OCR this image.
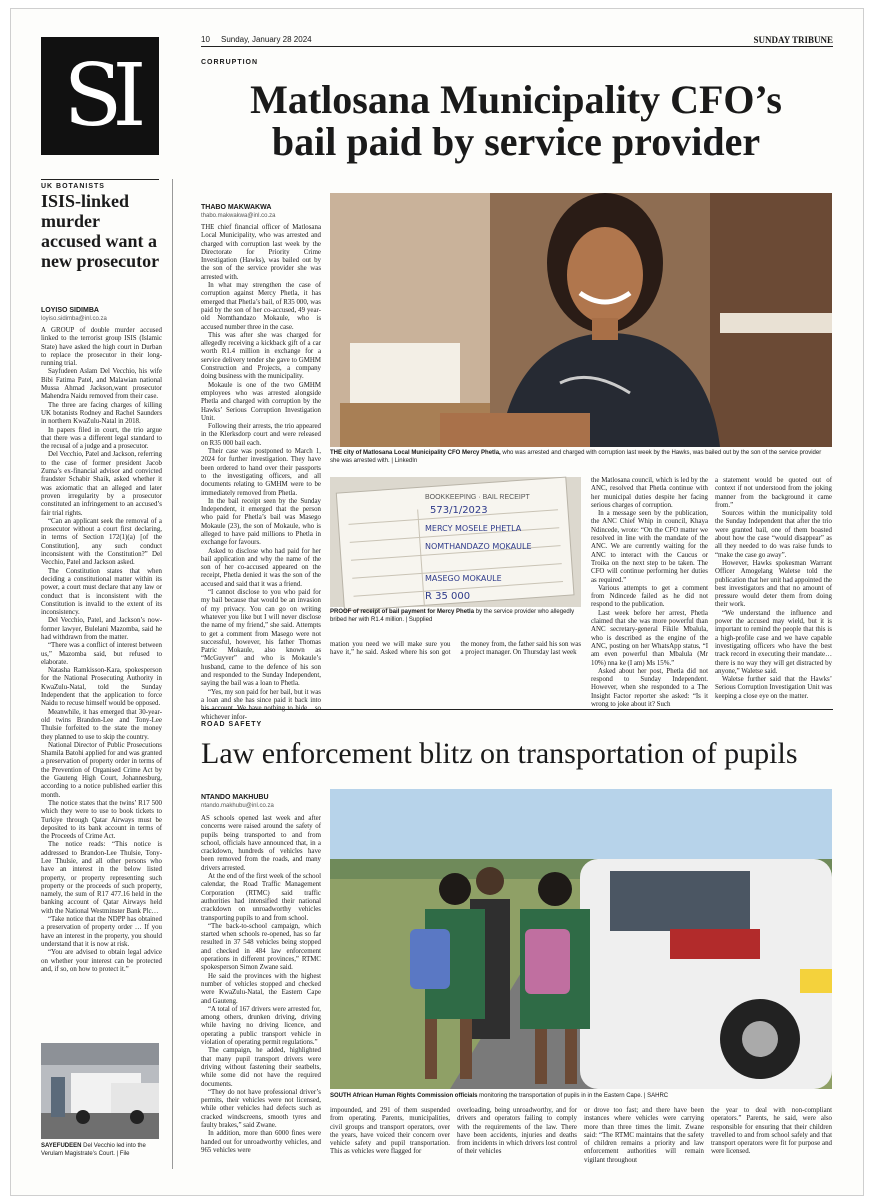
SI
10 Sunday, January 28 2024	SUNDAY TRIBUNE
CORRUPTION
Matlosana Municipality CFO’s
bail paid by service provider
UK BOTANISTS
ISIS-linked murder accused want a new prosecutor
LOYISO SIDIMBA
loyiso.sidimba@inl.co.za

A GROUP of double murder accused linked to the terrorist group ISIS (Islamic State) have asked the high court in Durban to replace the prosecutor in their long-running trial.

Sayfudeen Aslam Del Vecchio, his wife Bibi Fatima Patel, and Malawian national Mussa Ahmad Jackson,want prosecutor Mahendra Naidu removed from their case.

The three are facing charges of killing UK botanists Rodney and Rachel Saunders in northern KwaZulu-Natal in 2018.

In papers filed in court, the trio argue that there was a different legal standard to the recusal of a judge and a prosecutor.

Del Vecchio, Patel and Jackson, referring to the case of former president Jacob Zuma’s ex-financial advisor and convicted fraudster Schabir Shaik, asked whether it was axiomatic that an alleged and later proven irregularity by a prosecutor constituted an infringement to an accused’s fair trial rights.

“Can an applicant seek the removal of a prosecutor without a court first declaring, in terms of Section 172(1)(a) [of the Constitution], any such conduct inconsistent with the Constitution?” Del Vecchio, Patel and Jackson asked.

The Constitution states that when deciding a constitutional matter within its power, a court must declare that any law or conduct that is inconsistent with the Constitution is invalid to the extent of its inconsistency.

Del Vecchio, Patel, and Jackson’s now-former lawyer, Bulelani Mazomba, said he had withdrawn from the matter.

“There was a conflict of interest between us,” Mazomba said, but refused to elaborate.

Natasha Ramkisson-Kara, spokesperson for the National Prosecuting Authority in KwaZulu-Natal, told the Sunday Independent that the application to force Naidu to recuse himself would be opposed.

Meanwhile, it has emerged that 30-year-old twins Brandon-Lee and Tony-Lee Thulsie forfeited to the state the money they planned to use to skip the country.

National Director of Public Prosecutions Shamila Batohi applied for and was granted a preservation of property order in terms of the Prevention of Organised Crime Act by the Gauteng High Court, Johannesburg, according to a notice published earlier this month.

The notice states that the twins’ R17 500 which they were to use to book tickets to Turkiye through Qatar Airways must be deposited to its bank account in terms of the Proceeds of Crime Act.

The notice reads: “This notice is addressed to Brandon-Lee Thulsie, Tony-Lee Thulsie, and all other persons who have an interest in the below listed property, or property representing such property or the proceeds of such property, namely, the sum of R17 477.16 held in the banking account of Qatar Airways held with the National Westminster Bank Plc…

“Take notice that the NDPP has obtained a preservation of property order … If you have an interest in the property, you should understand that it is now at risk.

“You are advised to obtain legal advice on whether your interest can be protected and, if so, on how to protect it.”

SAYEFUDEEN Del Vecchio led into the Verulam Magistrate’s Court. | File
THABO MAKWAKWA
thabo.makwakwa@inl.co.za

THE chief financial officer of Matlosana Local Municipality, who was arrested and charged with corruption last week by the Directorate for Priority Crime Investigation (Hawks), was bailed out by the son of the service provider she was arrested with.

In what may strengthen the case of corruption against Mercy Phetla, it has emerged that Phetla’s bail, of R35 000, was paid by the son of her co-accused, 49 year-old Nomthandazo Mokaule, who is accused number three in the case.

This was after she was charged for allegedly receiving a kickback gift of a car worth R1.4 million in exchange for a service delivery tender she gave to GMHM Construction and Projects, a company doing business with the municipality.

Mokaule is one of the two GMHM employees who was arrested alongside Phetla and charged with corruption by the Hawks’ Serious Corruption Investigation Unit.

Following their arrests, the trio appeared in the Klerksdorp court and were released on R35 000 bail each.

Their case was postponed to March 1, 2024 for further investigation. They have been ordered to hand over their passports to the investigating officers, and all documents relating to GMHM were to be immediately removed from Phetla.

In the bail receipt seen by the Sunday Independent, it emerged that the person who paid for Phetla’s bail was Masego Mokaule (23), the son of Mokaule, who is alleged to have paid millions to Phetla in exchange for favours.

Asked to disclose who had paid for her bail application and why the name of the son of her co-accused appeared on the receipt, Phetla denied it was the son of the accused and said that it was a friend.

“I cannot disclose to you who paid for my bail because that would be an invasion of my privacy. You can go on writing whatever you like but I will never disclose the name of my friend,” she said. Attempts to get a comment from Masego were not successful, however, his father Thomas Patric Mokaule, also known as “McGuyver” and who is Mokaule’s husband, came to the defence of his son and responded to the Sunday Independent, saying the bail was a loan to Phetla.

“Yes, my son paid for her bail, but it was a loan and she has since paid it back into whichever infor-

THE city of Matlosana Local Municipality CFO Mercy Phetla, who was arrested and charged with corruption last week by the Hawks, was bailed out by the son of the service provider she was arrested with. | LinkedIn
BOOKKEEPING · BAIL RECEIPT
573/1/2023
MERCY MOSELE PHETLA
NOMTHANDAZO MOKAULE
MASEGO MOKAULE
R 35 000
PROOF of receipt of bail payment for Mercy Phetla by the service provider who allegedly bribed her with R1.4 million. | Supplied
mation you need we will make sure you have it,” he said. Asked where his son got the money from, the father said his son was a project manager. On Thursday last week

the Matlosana council, which is led by the ANC, resolved that Phetla continue with her municipal duties despite her facing serious charges of corruption.

In a message seen by the publication, the ANC Chief Whip in council, Khaya Ndincede, wrote: “On the CFO matter we resolved in line with the mandate of the ANC. We are currently waiting for the ANC to interact with the Caucus or Troika on the next step to be taken. The CFO will continue performing her duties as required.”

Various attempts to get a comment from Ndincede failed as he did not respond to the publication.

Last week before her arrest, Phetla claimed that she was more powerful than ANC secretary-general Fikile Mbalula, who is described as the engine of the ANC, posting on her WhatsApp status, “I am even powerful than Mbalula (Mr 10%) nna ke (I am) Ms 15%.”

Asked about her post, Phetla did not respond to Sunday Independent. However, when she responded to a The Insight Factor reporter she asked: “Is it wrong to joke about it? Such

a statement would be quoted out of context if not understood from the joking manner from the background it came from.”

Sources within the municipality told the Sunday Independent that after the trio were granted bail, one of them boasted about how the case “would disappear” as all they needed to do was raise funds to “make the case go away”.

However, Hawks spokesman Warrant Officer Amogelang Waletse told the publication that her unit had appointed the best investigators and that no amount of pressure would deter them from doing their work.

“We understand the influence and power the accused may wield, but it is important to remind the people that this is a high-profile case and we have capable investigating officers who have the best track record in executing their mandate… there is no way they will get distracted by anyone,” Waletse said.

Waletse further said that the Hawks’ Serious Corruption Investigation Unit was keeping a close eye on the matter.

ROAD SAFETY
Law enforcement blitz on transportation of pupils
NTANDO MAKHUBU
ntando.makhubu@inl.co.za

AS schools opened last week and after concerns were raised around the safety of pupils being transported to and from school, officials have announced that, in a crackdown, hundreds of vehicles have been removed from the roads, and many drivers arrested.

At the end of the first week of the school calendar, the Road Traffic Management Corporation (RTMC) said traffic authorities had intensified their national crackdown on unroadworthy vehicles transporting pupils to and from school.

“The back-to-school campaign, which started when schools re-opened, has so far resulted in 37 548 vehicles being stopped and checked in 484 law enforcement operations in different provinces,” RTMC spokesperson Simon Zwane said.

He said the provinces with the highest number of vehicles stopped and checked were KwaZulu-Natal, the Eastern Cape and Gauteng.

“A total of 167 drivers were arrested for, among others, drunken driving, driving while having no driving licence, and operating a public transport vehicle in violation of operating permit regulations.”

The campaign, he added, highlighted that many pupil transport drivers were driving without fastening their seatbelts, while some did not have the required documents.

“They do not have professional driver’s permits, their vehicles were not licensed, while other vehicles had defects such as cracked windscreens, smooth tyres and faulty brakes,” said Zwane.

In addition, more than 6000 fines were handed out for unroadworthy vehicles, and 965 vehicles were

SOUTH African Human Rights Commission officials monitoring the transportation of pupils in in the Eastern Cape. | SAHRC
impounded, and 291 of them suspended from operating. Parents, municipalities, civil groups and transport operators, over the years, have voiced their concern over vehicle safety and pupil transportation. This as vehicles were flagged for
overloading, being unroadworthy, and for drivers and operators failing to comply with the requirements of the law. There have been accidents, injuries and deaths from incidents in which drivers lost control of their vehicles
or drove too fast; and there have been instances where vehicles were carrying more than three times the limit. Zwane said: “The RTMC maintains that the safety of children remains a priority and law enforcement authorities will remain vigilant throughout
the year to deal with non-compliant operators.” Parents, he said, were also responsible for ensuring that their children travelled to and from school safely and that transport operators were fit for purpose and were licensed.
